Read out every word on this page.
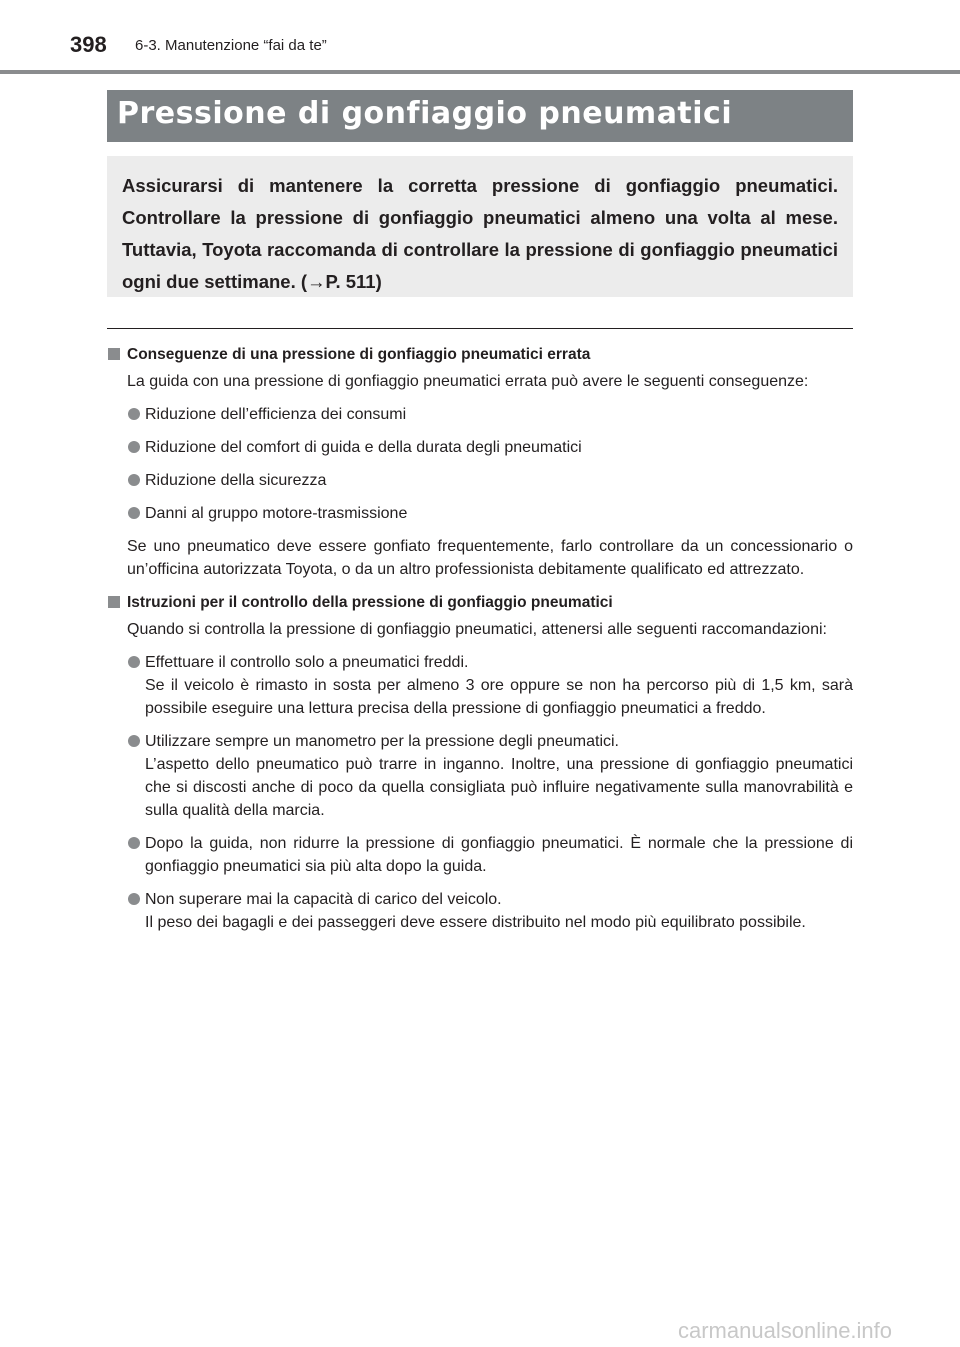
398 6-3. Manutenzione “fai da te”
Pressione di gonfiaggio pneumatici
Assicurarsi di mantenere la corretta pressione di gonfiaggio pneumatici. Controllare la pressione di gonfiaggio pneumatici almeno una volta al mese. Tuttavia, Toyota raccomanda di controllare la pressione di gonfiaggio pneumatici ogni due settimane. (→P. 511)
Conseguenze di una pressione di gonfiaggio pneumatici errata
La guida con una pressione di gonfiaggio pneumatici errata può avere le seguenti conseguenze:
Riduzione dell’efficienza dei consumi
Riduzione del comfort di guida e della durata degli pneumatici
Riduzione della sicurezza
Danni al gruppo motore-trasmissione
Se uno pneumatico deve essere gonfiato frequentemente, farlo controllare da un concessionario o un’officina autorizzata Toyota, o da un altro professionista debitamente qualificato ed attrezzato.
Istruzioni per il controllo della pressione di gonfiaggio pneumatici
Quando si controlla la pressione di gonfiaggio pneumatici, attenersi alle seguenti raccomandazioni:
Effettuare il controllo solo a pneumatici freddi.
Se il veicolo è rimasto in sosta per almeno 3 ore oppure se non ha percorso più di 1,5 km, sarà possibile eseguire una lettura precisa della pressione di gonfiaggio pneumatici a freddo.
Utilizzare sempre un manometro per la pressione degli pneumatici.
L’aspetto dello pneumatico può trarre in inganno. Inoltre, una pressione di gonfiaggio pneumatici che si discosti anche di poco da quella consigliata può influire negativamente sulla manovrabilità e sulla qualità della marcia.
Dopo la guida, non ridurre la pressione di gonfiaggio pneumatici. È normale che la pressione di gonfiaggio pneumatici sia più alta dopo la guida.
Non superare mai la capacità di carico del veicolo.
Il peso dei bagagli e dei passeggeri deve essere distribuito nel modo più equilibrato possibile.
carmanualsonline.info
